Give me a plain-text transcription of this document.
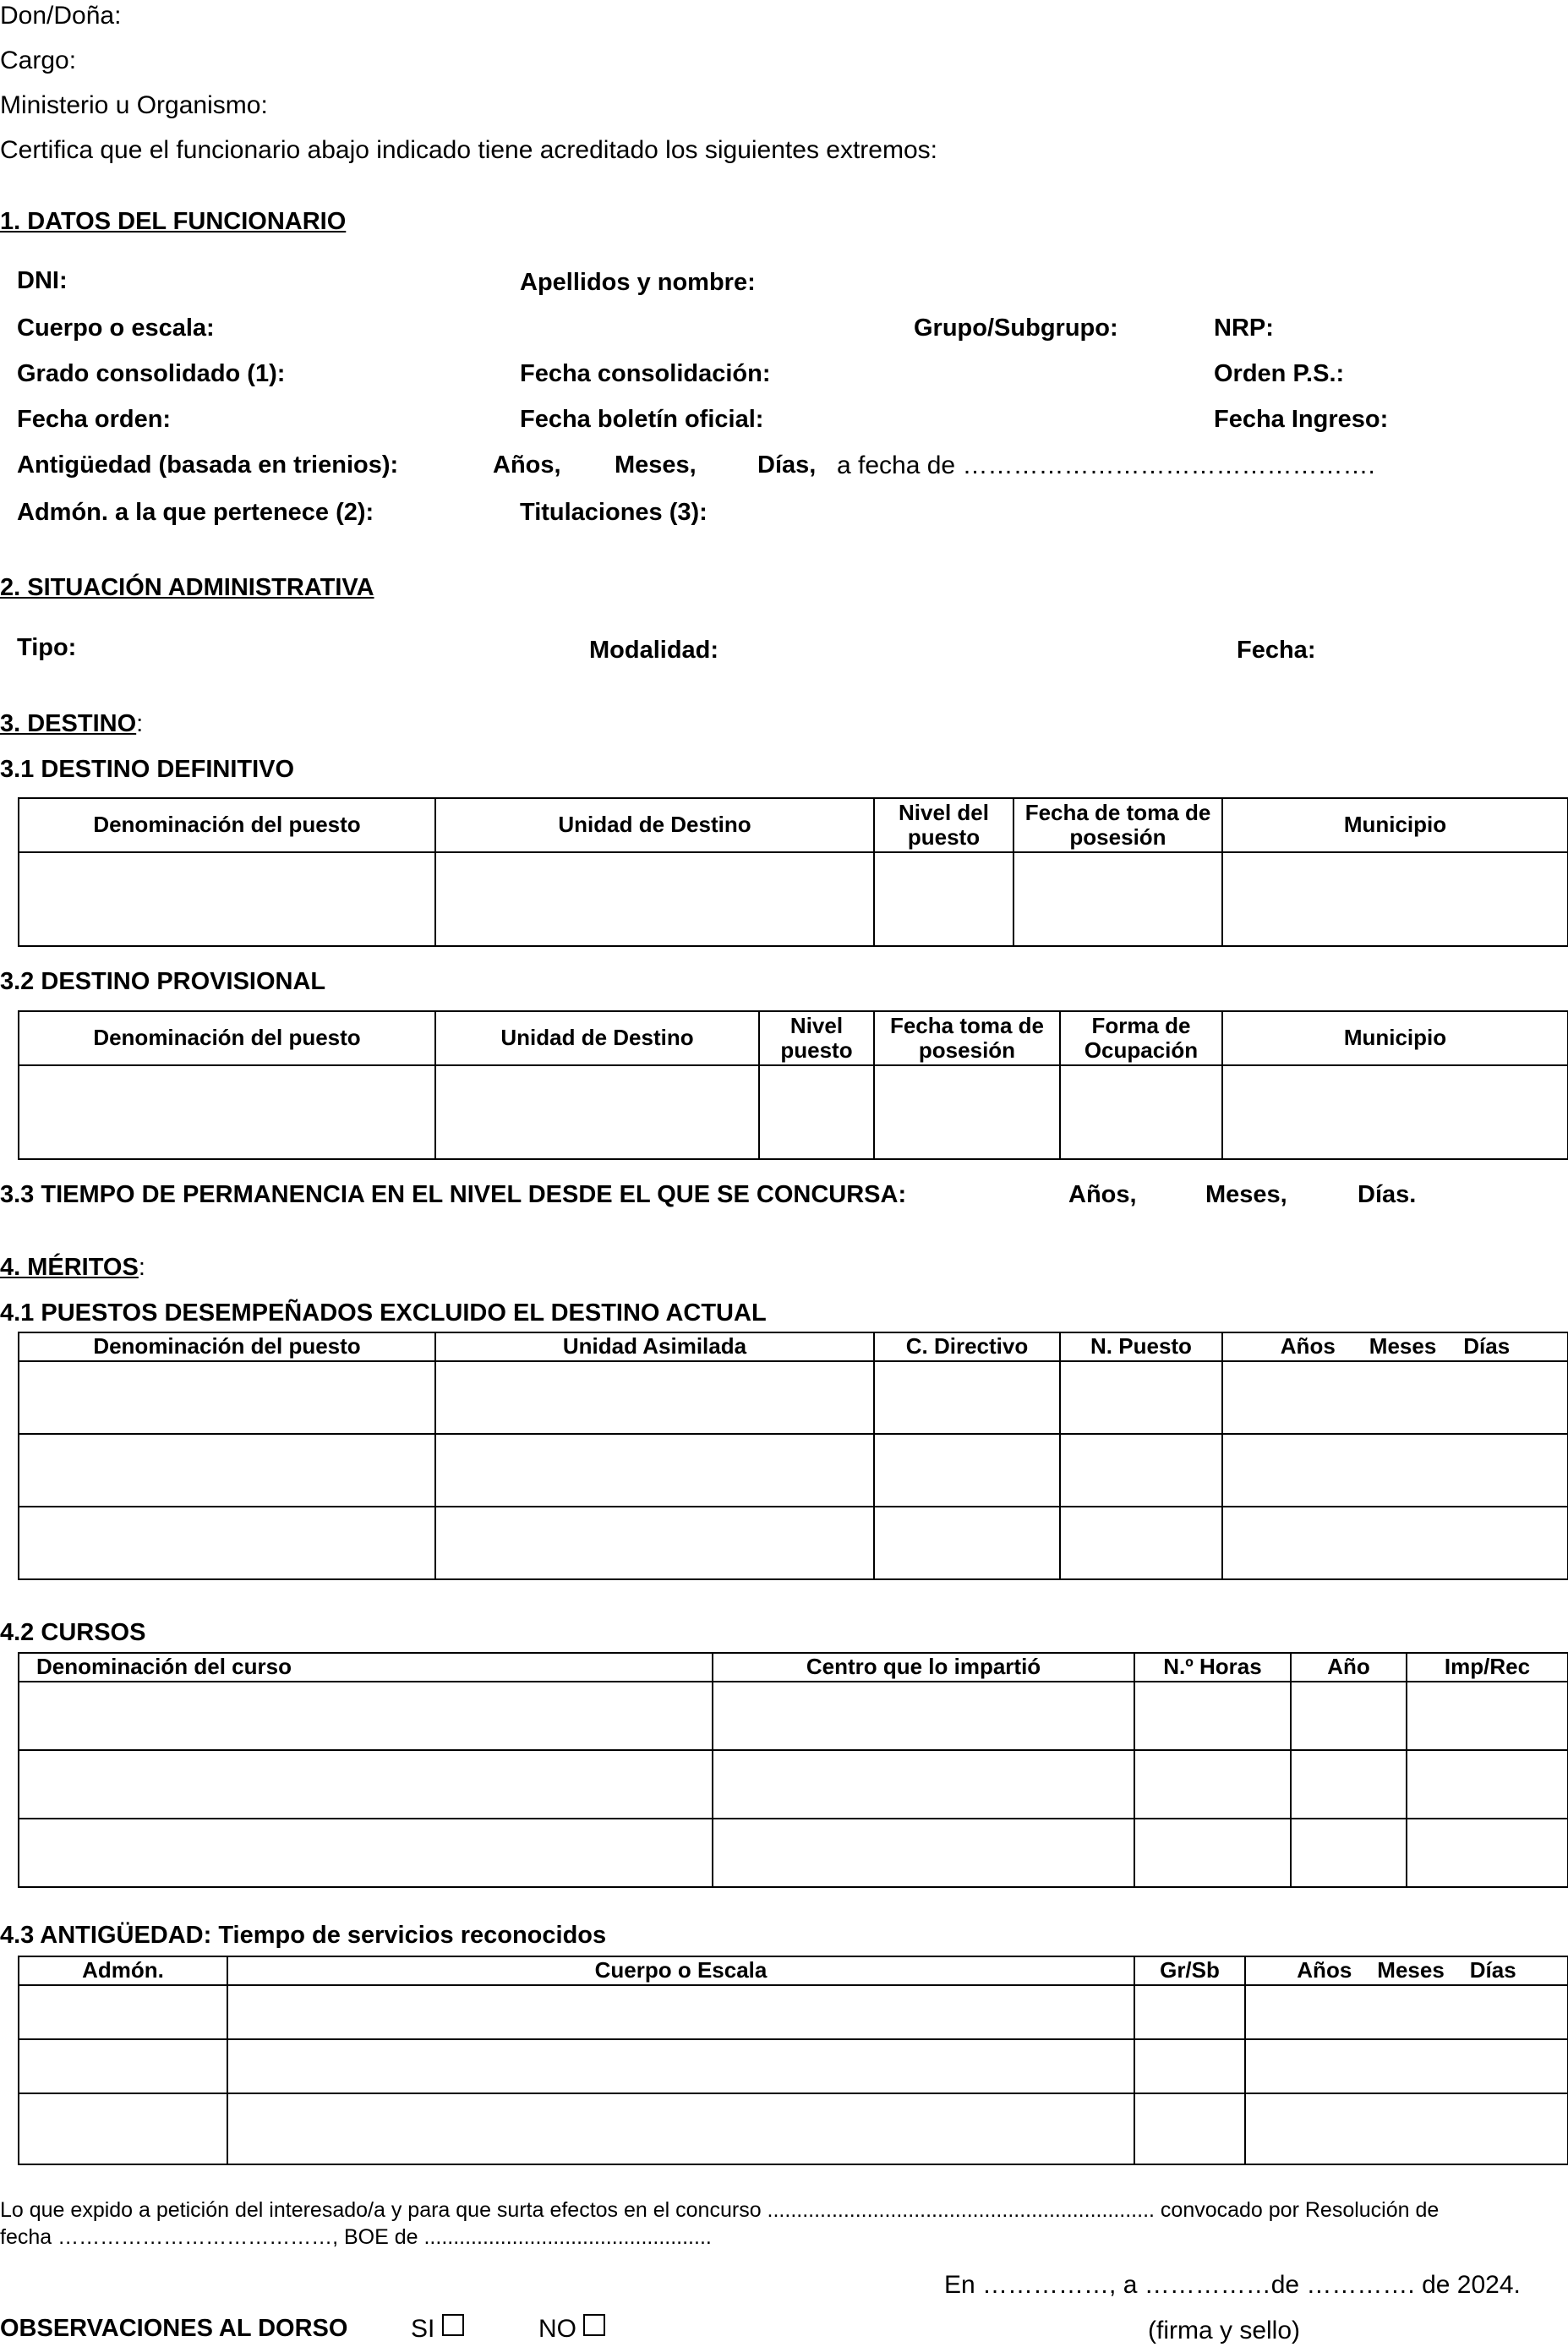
Don/Doña:
Cargo:
Ministerio u Organismo:
Certifica que el funcionario abajo indicado tiene acreditado los siguientes extremos:
1. DATOS DEL FUNCIONARIO
DNI:	Apellidos y nombre:
Cuerpo o escala:	Grupo/Subgrupo:	NRP:
Grado consolidado (1):	Fecha consolidación:	Orden P.S.:
Fecha orden:	Fecha boletín oficial:	Fecha Ingreso:
Antigüedad (basada en trienios):	Años, Meses, Días, a fecha de ………………………………………….
Admón. a la que pertenece (2):	Titulaciones (3):
2. SITUACIÓN ADMINISTRATIVA
Tipo:	Modalidad:	Fecha:
3. DESTINO:
3.1 DESTINO DEFINITIVO
Denominación del puesto	Unidad de Destino	Nivel del puesto	Fecha de toma de posesión	Municipio

3.2 DESTINO PROVISIONAL
Denominación del puesto	Unidad de Destino	Nivel puesto	Fecha toma de posesión	Forma de Ocupación	Municipio

3.3 TIEMPO DE PERMANENCIA EN EL NIVEL DESDE EL QUE SE CONCURSA:	Años,	Meses,	Días.
4. MÉRITOS:
4.1 PUESTOS DESEMPEÑADOS EXCLUIDO EL DESTINO ACTUAL
Denominación del puesto	Unidad Asimilada	C. Directivo	N. Puesto	Años Meses Días

4.2 CURSOS
Denominación del curso	Centro que lo impartió	N.º Horas	Año	Imp/Rec

4.3 ANTIGÜEDAD: Tiempo de servicios reconocidos
Admón.	Cuerpo o Escala	Gr/Sb	Años Meses Días

Lo que expido a petición del interesado/a y para que surta efectos en el concurso .................................................................. convocado por Resolución de
fecha …………………………………, BOE de .................................................
En ……………, a ……………de …………. de 2024.
OBSERVACIONES AL DORSO SI	NO	(firma y sello)
